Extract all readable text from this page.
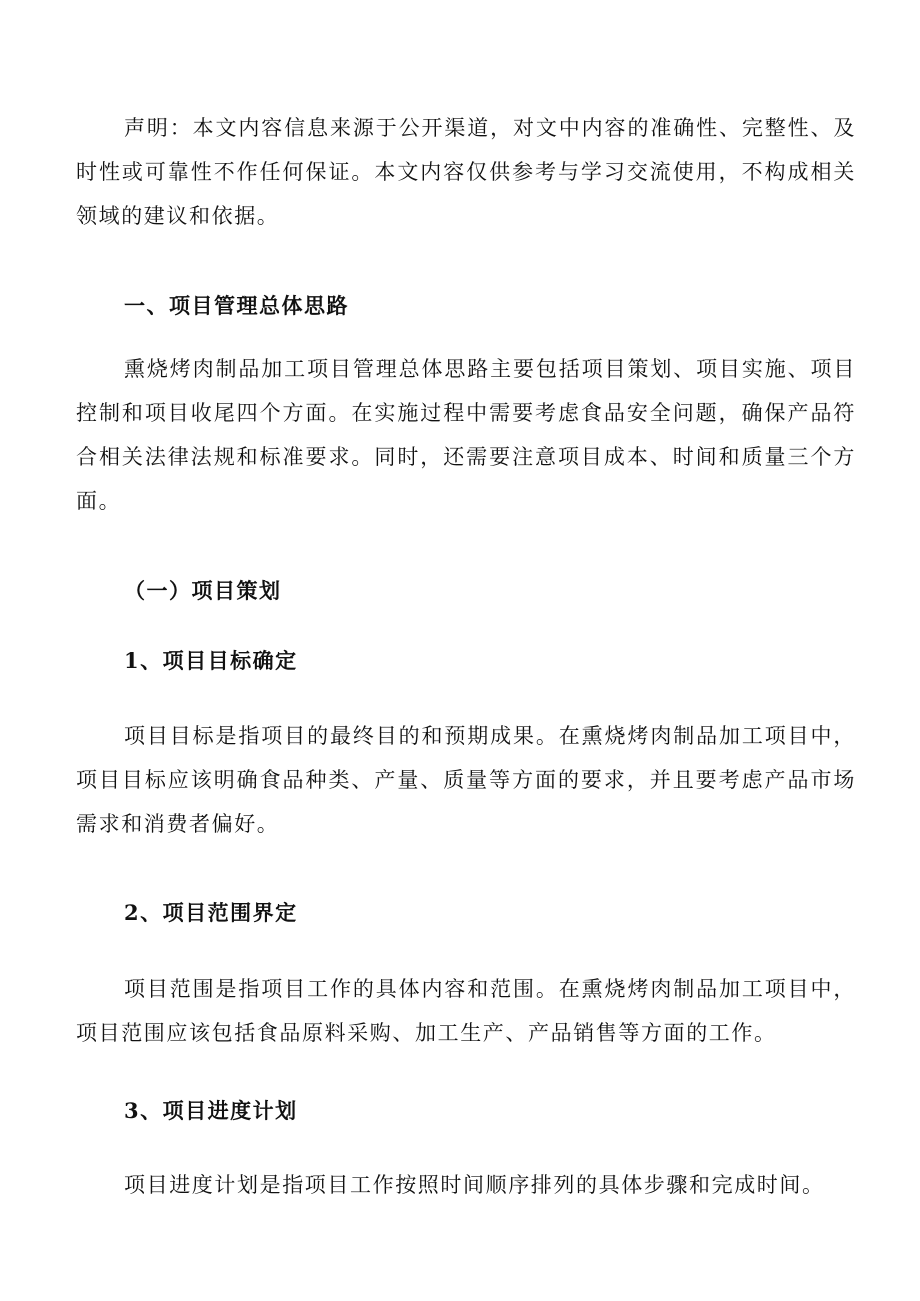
声明：本文内容信息来源于公开渠道，对文中内容的准确性、完整性、及时性或可靠性不作任何保证。本文内容仅供参考与学习交流使用，不构成相关领域的建议和依据。

一、项目管理总体思路

熏烧烤肉制品加工项目管理总体思路主要包括项目策划、项目实施、项目控制和项目收尾四个方面。在实施过程中需要考虑食品安全问题，确保产品符合相关法律法规和标准要求。同时，还需要注意项目成本、时间和质量三个方面。

（一）项目策划
1、项目目标确定

项目目标是指项目的最终目的和预期成果。在熏烧烤肉制品加工项目中，项目目标应该明确食品种类、产量、质量等方面的要求，并且要考虑产品市场需求和消费者偏好。

2、项目范围界定

项目范围是指项目工作的具体内容和范围。在熏烧烤肉制品加工项目中，项目范围应该包括食品原料采购、加工生产、产品销售等方面的工作。

3、项目进度计划

项目进度计划是指项目工作按照时间顺序排列的具体步骤和完成时间。
